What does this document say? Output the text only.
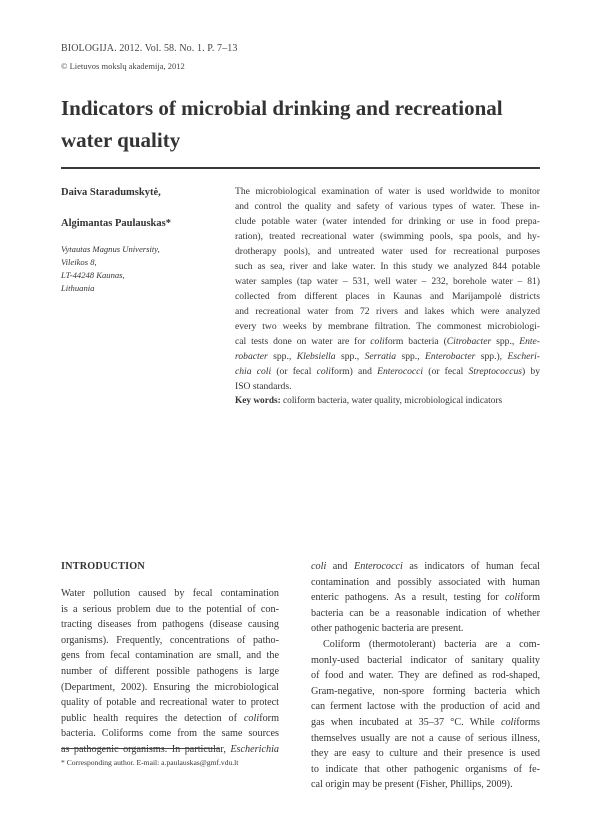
BIOLOGIJA. 2012. Vol. 58. No. 1. P. 7–13
© Lietuvos mokslų akademija, 2012
Indicators of microbial drinking and recreational
water quality
Daiva Staradumskytė,
Algimantas Paulauskas*
Vytautas Magnus University,
Vileikos 8,
LT-44248 Kaunas,
Lithuania
The microbiological examination of water is used worldwide to monitor
and control the quality and safety of various types of water. These in-
clude potable water (water intended for drinking or use in food prepa-
ration), treated recreational water (swimming pools, spa pools, and hy-
drotherapy pools), and untreated water used for recreational purposes
such as sea, river and lake water. In this study we analyzed 844 potable
water samples (tap water – 531, well water – 232, borehole water – 81)
collected from different places in Kaunas and Marijampolė districts
and recreational water from 72 rivers and lakes which were analyzed
every two weeks by membrane filtration. The commonest microbiologi-
cal tests done on water are for coliform bacteria (Citrobacter spp., Ente-
robacter spp., Klebsiella spp., Serratia spp., Enterobacter spp.), Escheri-
chia coli (or fecal coliform) and Enterococci (or fecal Streptococcus) by
ISO standards.
Key words: coliform bacteria, water quality, microbiological indicators
INTRODUCTION
Water pollution caused by fecal contamination
is a serious problem due to the potential of con-
tracting diseases from pathogens (disease causing
organisms). Frequently, concentrations of patho-
gens from fecal contamination are small, and the
number of different possible pathogens is large
(Department, 2002). Ensuring the microbiological
quality of potable and recreational water to protect
public health requires the detection of coliform
bacteria. Coliforms come from the same sources
as pathogenic organisms. In particular, Escherichia
coli and Enterococci as indicators of human fecal
contamination and possibly associated with human
enteric pathogens. As a result, testing for coliform
bacteria can be a reasonable indication of whether
other pathogenic bacteria are present.
Coliform (thermotolerant) bacteria are a com-
monly-used bacterial indicator of sanitary quality
of food and water. They are defined as rod-shaped,
Gram-negative, non-spore forming bacteria which
can ferment lactose with the production of acid and
gas when incubated at 35–37 °C. While coliforms
themselves usually are not a cause of serious illness,
they are easy to culture and their presence is used
to indicate that other pathogenic organisms of fe-
cal origin may be present (Fisher, Phillips, 2009).
* Corresponding author. E-mail: a.paulauskas@gmf.vdu.lt
